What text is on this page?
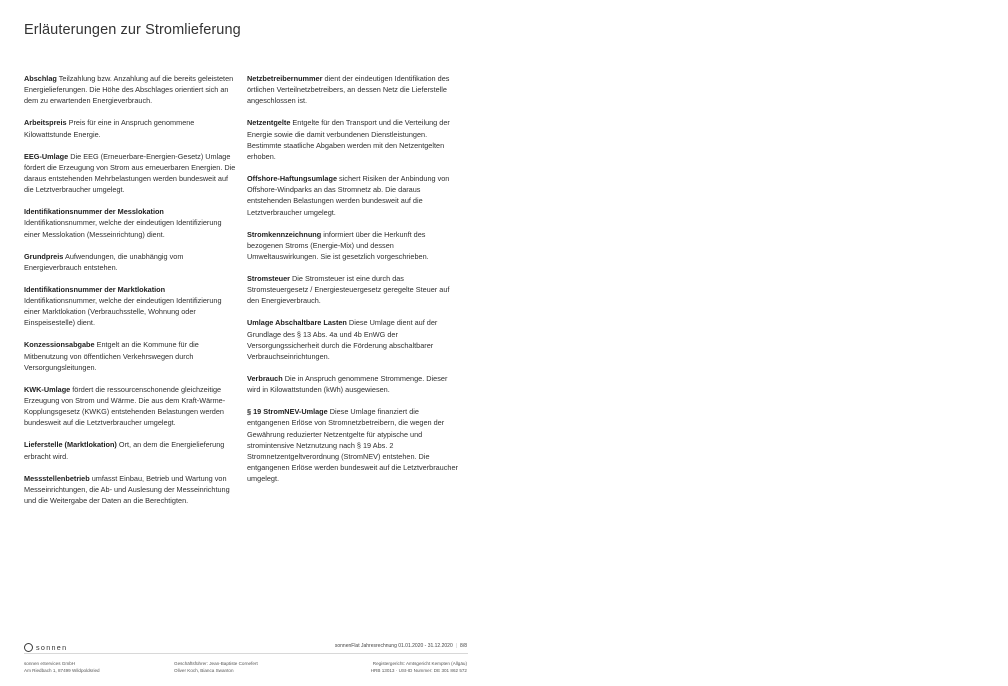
Erläuterungen zur Stromlieferung

Abschlag Teilzahlung bzw. Anzahlung auf die bereits geleisteten Energielieferungen. Die Höhe des Abschlages orientiert sich an dem zu erwartenden Energieverbrauch.

Arbeitspreis Preis für eine in Anspruch genommene Kilowattstunde Energie.

EEG-Umlage Die EEG (Erneuerbare-Energien-Gesetz) Umlage fördert die Erzeugung von Strom aus erneuerbaren Energien. Die daraus entstehenden Mehrbelastungen werden bundesweit auf die Letztverbraucher umgelegt.

Identifikationsnummer der Messlokation
Identifikationsnummer, welche der eindeutigen Identifizierung einer Messlokation (Messeinrichtung) dient.

Grundpreis Aufwendungen, die unabhängig vom Energieverbrauch entstehen.

Identifikationsnummer der Marktlokation
Identifikationsnummer, welche der eindeutigen Identifizierung einer Marktlokation (Verbrauchsstelle, Wohnung oder Einspeisestelle) dient.

Konzessionsabgabe Entgelt an die Kommune für die Mitbenutzung von öffentlichen Verkehrswegen durch Versorgungsleitungen.

KWK-Umlage fördert die ressourcenschonende gleichzeitige Erzeugung von Strom und Wärme. Die aus dem Kraft-Wärme- Kopplungsgesetz (KWKG) entstehenden Belastungen werden bundesweit auf die Letztverbraucher umgelegt.

Lieferstelle (Marktlokation) Ort, an dem die Energielieferung erbracht wird.

Messstellenbetrieb umfasst Einbau, Betrieb und Wartung von Messeinrichtungen, die Ab- und Auslesung der Messeinrichtung und die Weitergabe der Daten an die Berechtigten.

Netzbetreibernummer dient der eindeutigen Identifikation des örtlichen Verteilnetzbetreibers, an dessen Netz die Lieferstelle angeschlossen ist.

Netzentgelte Entgelte für den Transport und die Verteilung der Energie sowie die damit verbundenen Dienstleistungen. Bestimmte staatliche Abgaben werden mit den Netzentgelten erhoben.

Offshore-Haftungsumlage sichert Risiken der Anbindung von Offshore-Windparks an das Stromnetz ab. Die daraus entstehenden Belastungen werden bundesweit auf die Letztverbraucher umgelegt.

Stromkennzeichnung informiert über die Herkunft des bezogenen Stroms (Energie-Mix) und dessen Umweltauswirkungen. Sie ist gesetzlich vorgeschrieben.

Stromsteuer Die Stromsteuer ist eine durch das Stromsteuergesetz / Energiesteuergesetz geregelte Steuer auf den Energieverbrauch.

Umlage Abschaltbare Lasten Diese Umlage dient auf der Grundlage des § 13 Abs. 4a und 4b EnWG der Versorgungssicherheit durch die Förderung abschaltbarer Verbrauchseinrichtungen.

Verbrauch Die in Anspruch genommene Strommenge. Dieser wird in Kilowattstunden (kWh) ausgewiesen.

§ 19 StromNEV-Umlage Diese Umlage finanziert die entgangenen Erlöse von Stromnetzbetreibern, die wegen der Gewährung reduzierter Netzentgelte für atypische und stromintensive Netznutzung nach § 19 Abs. 2 Stromnetzentgeltverordnung (StromNEV) entstehen. Die entgangenen Erlöse werden bundesweit auf die Letztverbraucher umgelegt.

sonnen	sonnenFlat Jahresrechnung 01.01.2020 - 31.12.2020 | 8/8
sonnen eServices GmbH
Am Riedbach 1, 87499 Wildpoldsried
Geschäftsführer: Jean-Baptiste Cornefert
Oliver Koch, Bianca Swanton
Registergericht: Amtsgericht Kempten (Allgäu)
HRB 13013 · USt-ID Nummer: DE 301 862 572
